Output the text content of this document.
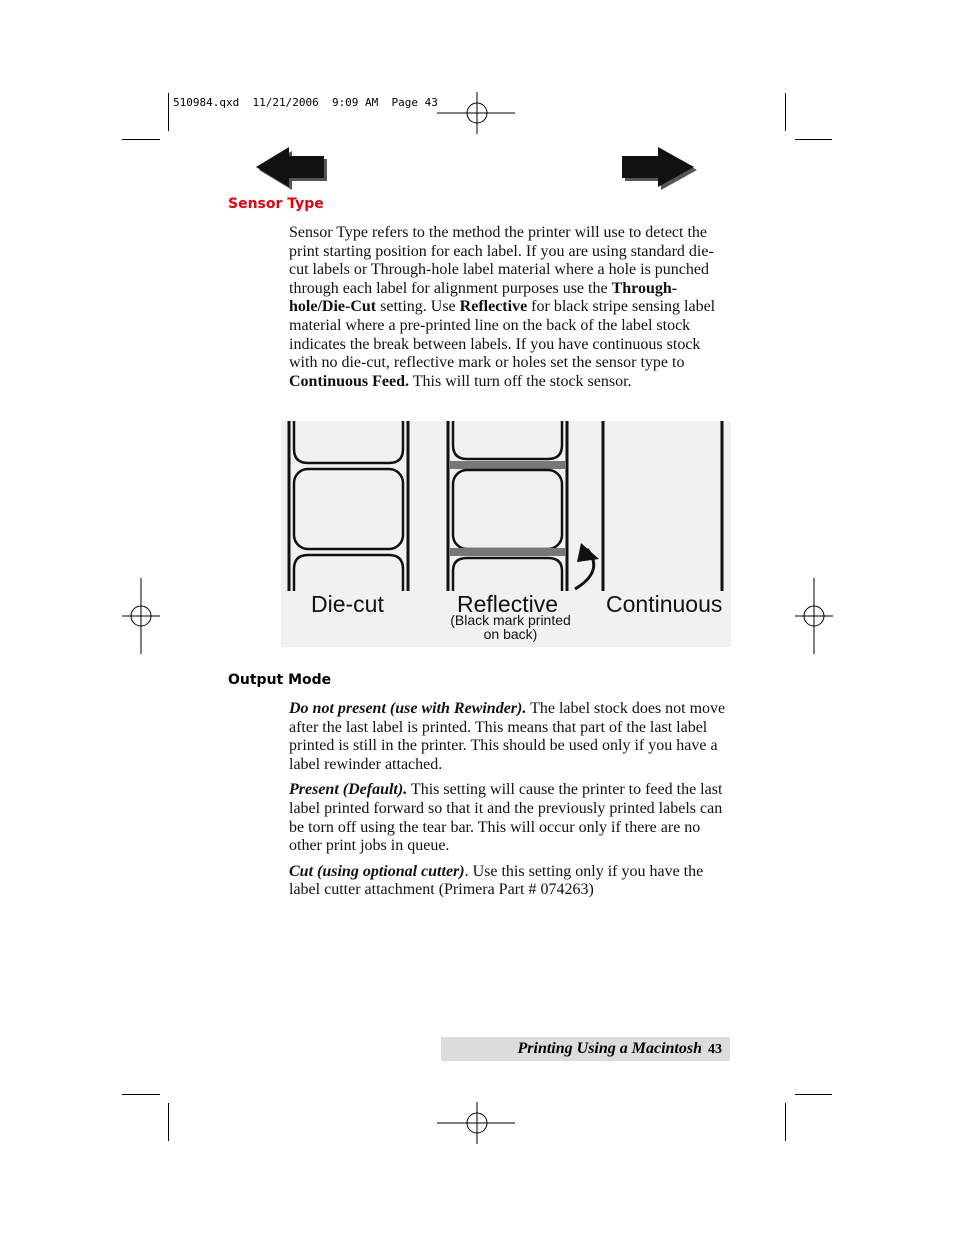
510984.qxd  11/21/2006  9:09 AM  Page 43
Sensor Type
Sensor Type refers to the method the printer will use to detect the print starting position for each label. If you are using standard die-cut labels or Through-hole label material where a hole is punched through each label for alignment purposes use the Through-hole/Die-Cut setting. Use Reflective for black stripe sensing label material where a pre-printed line on the back of the label stock indicates the break between labels. If you have continuous stock with no die-cut, reflective mark or holes set the sensor type to Continuous Feed. This will turn off the stock sensor.
Die-cut	Reflective
(Black mark printed
on back)
Continuous
Output Mode

Do not present (use with Rewinder). The label stock does not move after the last label is printed. This means that part of the last label printed is still in the printer. This should be used only if you have a label rewinder attached.

Present (Default). This setting will cause the printer to feed the last label printed forward so that it and the previously printed labels can be torn off using the tear bar. This will occur only if there are no other print jobs in queue.

Cut (using optional cutter). Use this setting only if you have the label cutter attachment (Primera Part # 074263)

Printing Using a Macintosh 43
